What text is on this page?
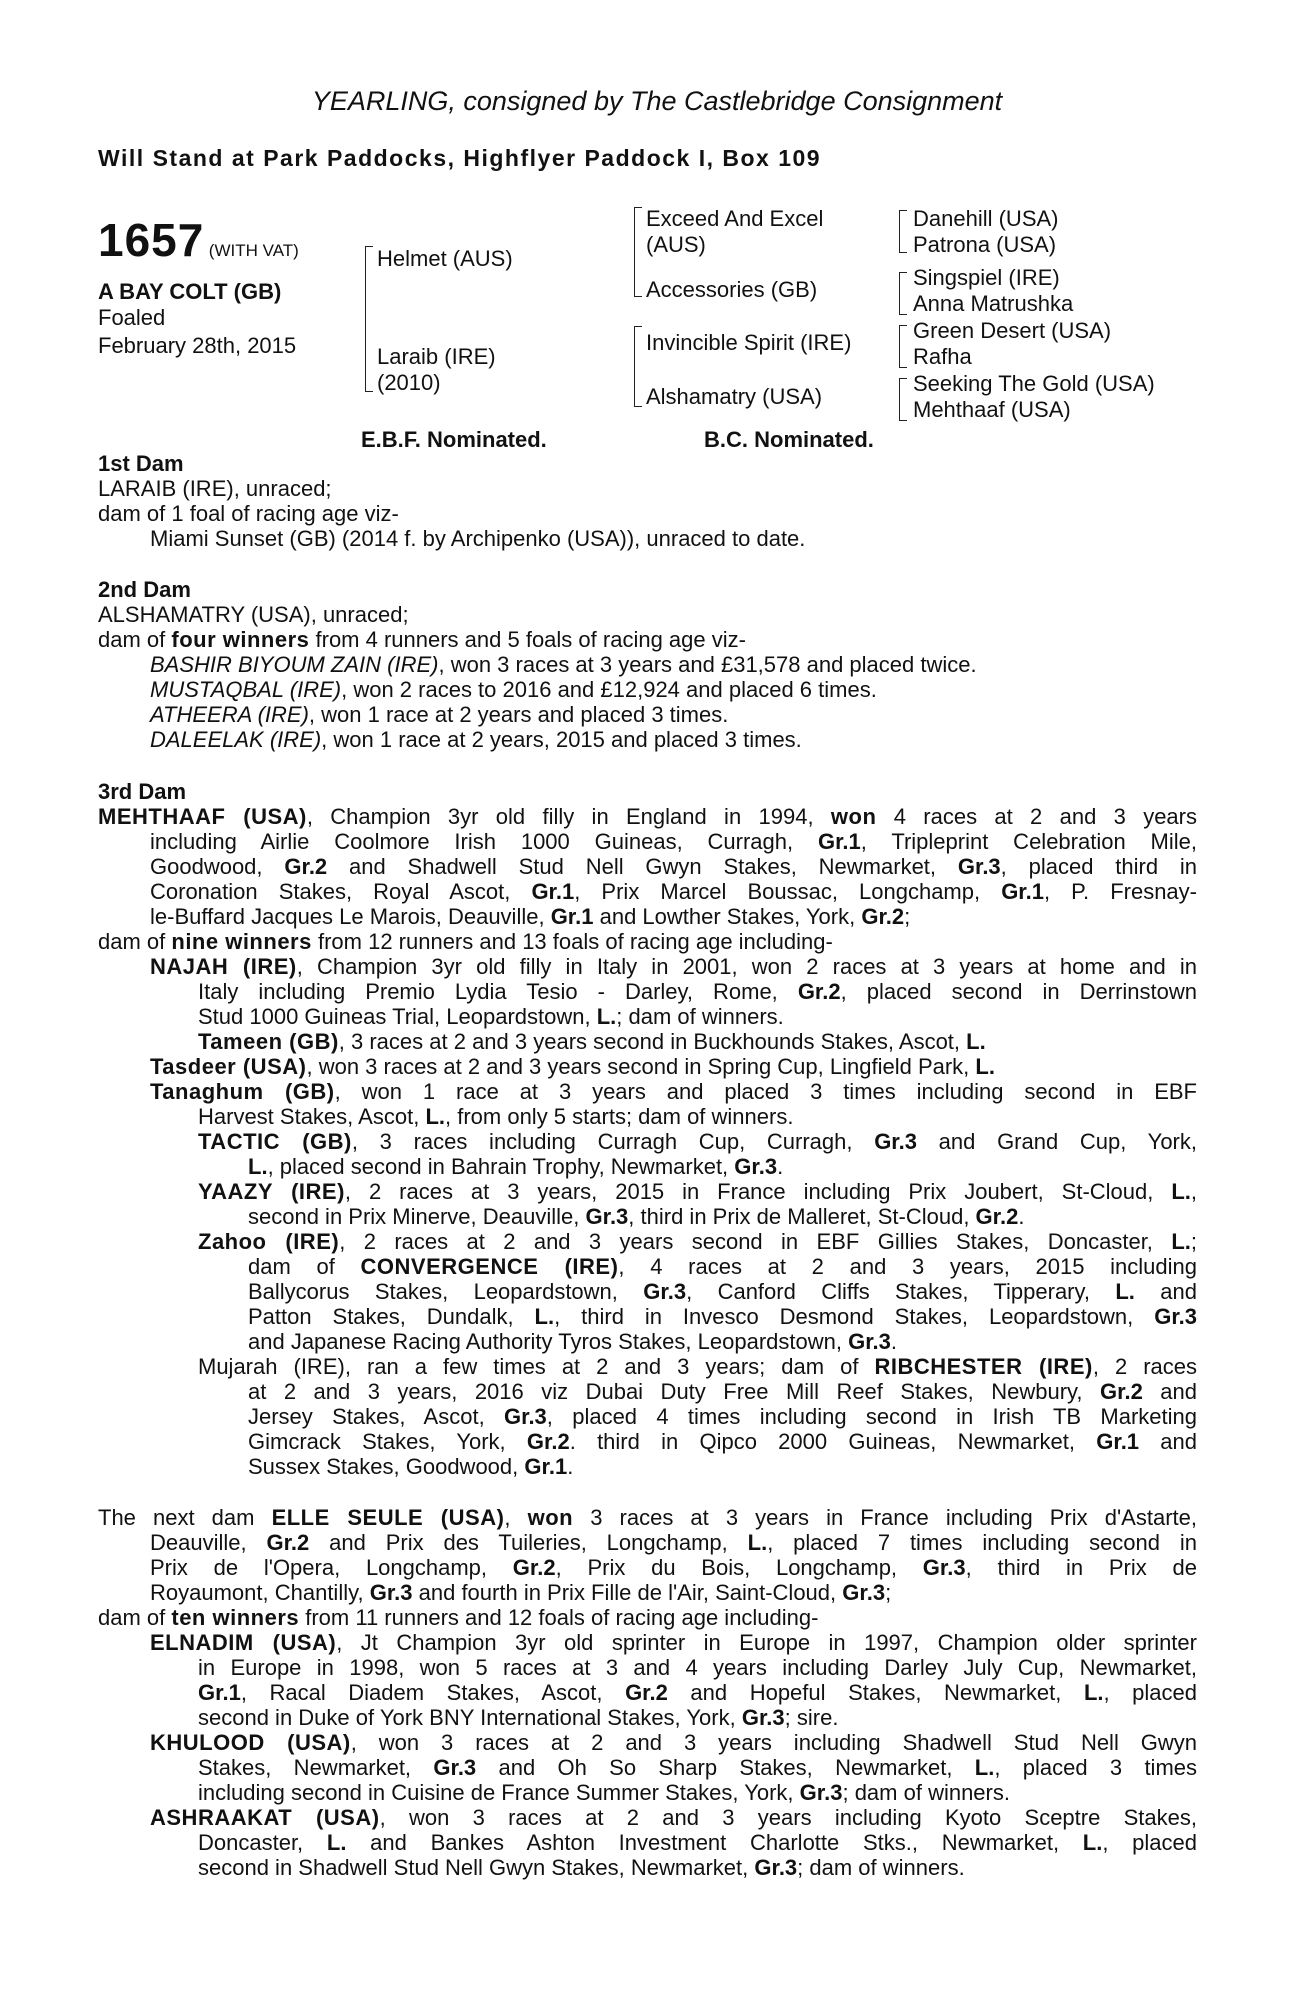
YEARLING, consigned by The Castlebridge Consignment
Will Stand at Park Paddocks, Highflyer Paddock I, Box 109
1657 (WITH VAT)
A BAY COLT (GB)
Foaled
February 28th, 2015
Helmet (AUS)
Laraib (IRE)
(2010)
Exceed And Excel
(AUS)
Accessories (GB)
Invincible Spirit (IRE)
Alshamatry (USA)
Danehill (USA)
Patrona (USA)
Singspiel (IRE)
Anna Matrushka
Green Desert (USA)
Rafha
Seeking The Gold (USA)
Mehthaaf (USA)
E.B.F. Nominated.	B.C. Nominated.
1st Dam
LARAIB (IRE), unraced;
dam of 1 foal of racing age viz-
Miami Sunset (GB) (2014 f. by Archipenko (USA)), unraced to date.
2nd Dam
ALSHAMATRY (USA), unraced;
dam of four winners from 4 runners and 5 foals of racing age viz-
BASHIR BIYOUM ZAIN (IRE), won 3 races at 3 years and £31,578 and placed twice.
MUSTAQBAL (IRE), won 2 races to 2016 and £12,924 and placed 6 times.
ATHEERA (IRE), won 1 race at 2 years and placed 3 times.
DALEELAK (IRE), won 1 race at 2 years, 2015 and placed 3 times.
3rd Dam
MEHTHAAF (USA), Champion 3yr old filly in England in 1994, won 4 races at 2 and 3 years
including Airlie Coolmore Irish 1000 Guineas, Curragh, Gr.1, Tripleprint Celebration Mile,
Goodwood, Gr.2 and Shadwell Stud Nell Gwyn Stakes, Newmarket, Gr.3, placed third in
Coronation Stakes, Royal Ascot, Gr.1, Prix Marcel Boussac, Longchamp, Gr.1, P. Fresnay-
le-Buffard Jacques Le Marois, Deauville, Gr.1 and Lowther Stakes, York, Gr.2;
dam of nine winners from 12 runners and 13 foals of racing age including-
NAJAH (IRE), Champion 3yr old filly in Italy in 2001, won 2 races at 3 years at home and in
Italy including Premio Lydia Tesio - Darley, Rome, Gr.2, placed second in Derrinstown
Stud 1000 Guineas Trial, Leopardstown, L.; dam of winners.
Tameen (GB), 3 races at 2 and 3 years second in Buckhounds Stakes, Ascot, L.
Tasdeer (USA), won 3 races at 2 and 3 years second in Spring Cup, Lingfield Park, L.
Tanaghum (GB), won 1 race at 3 years and placed 3 times including second in EBF
Harvest Stakes, Ascot, L., from only 5 starts; dam of winners.
TACTIC (GB), 3 races including Curragh Cup, Curragh, Gr.3 and Grand Cup, York,
L., placed second in Bahrain Trophy, Newmarket, Gr.3.
YAAZY (IRE), 2 races at 3 years, 2015 in France including Prix Joubert, St-Cloud, L.,
second in Prix Minerve, Deauville, Gr.3, third in Prix de Malleret, St-Cloud, Gr.2.
Zahoo (IRE), 2 races at 2 and 3 years second in EBF Gillies Stakes, Doncaster, L.;
dam of CONVERGENCE (IRE), 4 races at 2 and 3 years, 2015 including
Ballycorus Stakes, Leopardstown, Gr.3, Canford Cliffs Stakes, Tipperary, L. and
Patton Stakes, Dundalk, L., third in Invesco Desmond Stakes, Leopardstown, Gr.3
and Japanese Racing Authority Tyros Stakes, Leopardstown, Gr.3.
Mujarah (IRE), ran a few times at 2 and 3 years; dam of RIBCHESTER (IRE), 2 races
at 2 and 3 years, 2016 viz Dubai Duty Free Mill Reef Stakes, Newbury, Gr.2 and
Jersey Stakes, Ascot, Gr.3, placed 4 times including second in Irish TB Marketing
Gimcrack Stakes, York, Gr.2. third in Qipco 2000 Guineas, Newmarket, Gr.1 and
Sussex Stakes, Goodwood, Gr.1.
The next dam ELLE SEULE (USA), won 3 races at 3 years in France including Prix d'Astarte,
Deauville, Gr.2 and Prix des Tuileries, Longchamp, L., placed 7 times including second in
Prix de l'Opera, Longchamp, Gr.2, Prix du Bois, Longchamp, Gr.3, third in Prix de
Royaumont, Chantilly, Gr.3 and fourth in Prix Fille de l'Air, Saint-Cloud, Gr.3;
dam of ten winners from 11 runners and 12 foals of racing age including-
ELNADIM (USA), Jt Champion 3yr old sprinter in Europe in 1997, Champion older sprinter
in Europe in 1998, won 5 races at 3 and 4 years including Darley July Cup, Newmarket,
Gr.1, Racal Diadem Stakes, Ascot, Gr.2 and Hopeful Stakes, Newmarket, L., placed
second in Duke of York BNY International Stakes, York, Gr.3; sire.
KHULOOD (USA), won 3 races at 2 and 3 years including Shadwell Stud Nell Gwyn
Stakes, Newmarket, Gr.3 and Oh So Sharp Stakes, Newmarket, L., placed 3 times
including second in Cuisine de France Summer Stakes, York, Gr.3; dam of winners.
ASHRAAKAT (USA), won 3 races at 2 and 3 years including Kyoto Sceptre Stakes,
Doncaster, L. and Bankes Ashton Investment Charlotte Stks., Newmarket, L., placed
second in Shadwell Stud Nell Gwyn Stakes, Newmarket, Gr.3; dam of winners.
